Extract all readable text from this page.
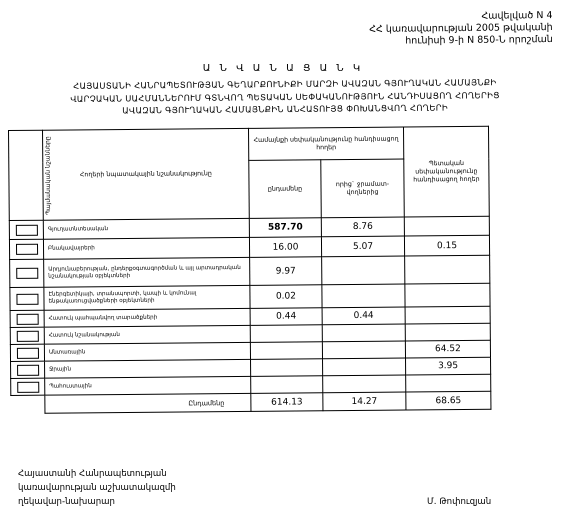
Հավելված N 4
ՀՀ կառավարության 2005 թվականի
հունիսի 9-ի N 850-Ն որոշման
Ա Ն Վ Ա Ն Ա Ց Ա Ն Կ
ՀԱՅԱՍՏԱՆԻ ՀԱՆՐԱՊԵՏՈՒԹՅԱՆ ԳԵՂԱՐՔՈՒՆԻՔԻ ՄԱՐԶԻ ԱՎԱԶԱՆ ԳՅՈՒՂԱԿԱՆ ՀԱՄԱՅՆՔԻ
ՎԱՐՉԱԿԱՆ ՍԱՀՄԱՆՆԵՐՈՒՄ ԳՏՆՎՈՂ ՊԵՏԱԿԱՆ ՍԵՓԱԿԱՆՈՒԹՅՈՒՆ ՀԱՆԴԻՍԱՑՈՂ ՀՈՂԵՐԻՑ
ԱՎԱԶԱՆ ԳՅՈՒՂԱԿԱՆ ՀԱՄԱՅՆՔԻՆ ԱՆՀԱՏՈՒՅՑ ՓՈԽԱՆՑՎՈՂ ՀՈՂԵՐԻ
Պայմանական նշանները	Հողերի նպատակային նշանակությունը	Համայնքի սեփականությունը հանդիսացող հողեր		Պետական սեփականությունը հանդիսացող հողեր
		ընդամենը	որից` ջրամատ-վողներից	

	Գյուղատնտեսական	587.70	8.76	

	Բնակավայրերի	16.00	5.07	0.15

	Արդյունաբերության, ընդերքօգտագործման և այլ արտադրական նշանակության օբյեկտների	9.97		

	Էներգետիկայի, տրանսպորտի, կապի և կոմունալ ենթակառուցվածքների օբյեկտների	0.02		

	Հատուկ պահպանվող տարածքների	0.44	0.44	

	Հատուկ նշանակության			

	Անտառային			64.52

	Ջրային			3.95

	Պահուստային			

	Ընդամենը	614.13	14.27	68.65
Հայաստանի Հանրապետության
կառավարության աշխատակազմի
ղեկավար-նախարար	Մ. Թոփուզյան
